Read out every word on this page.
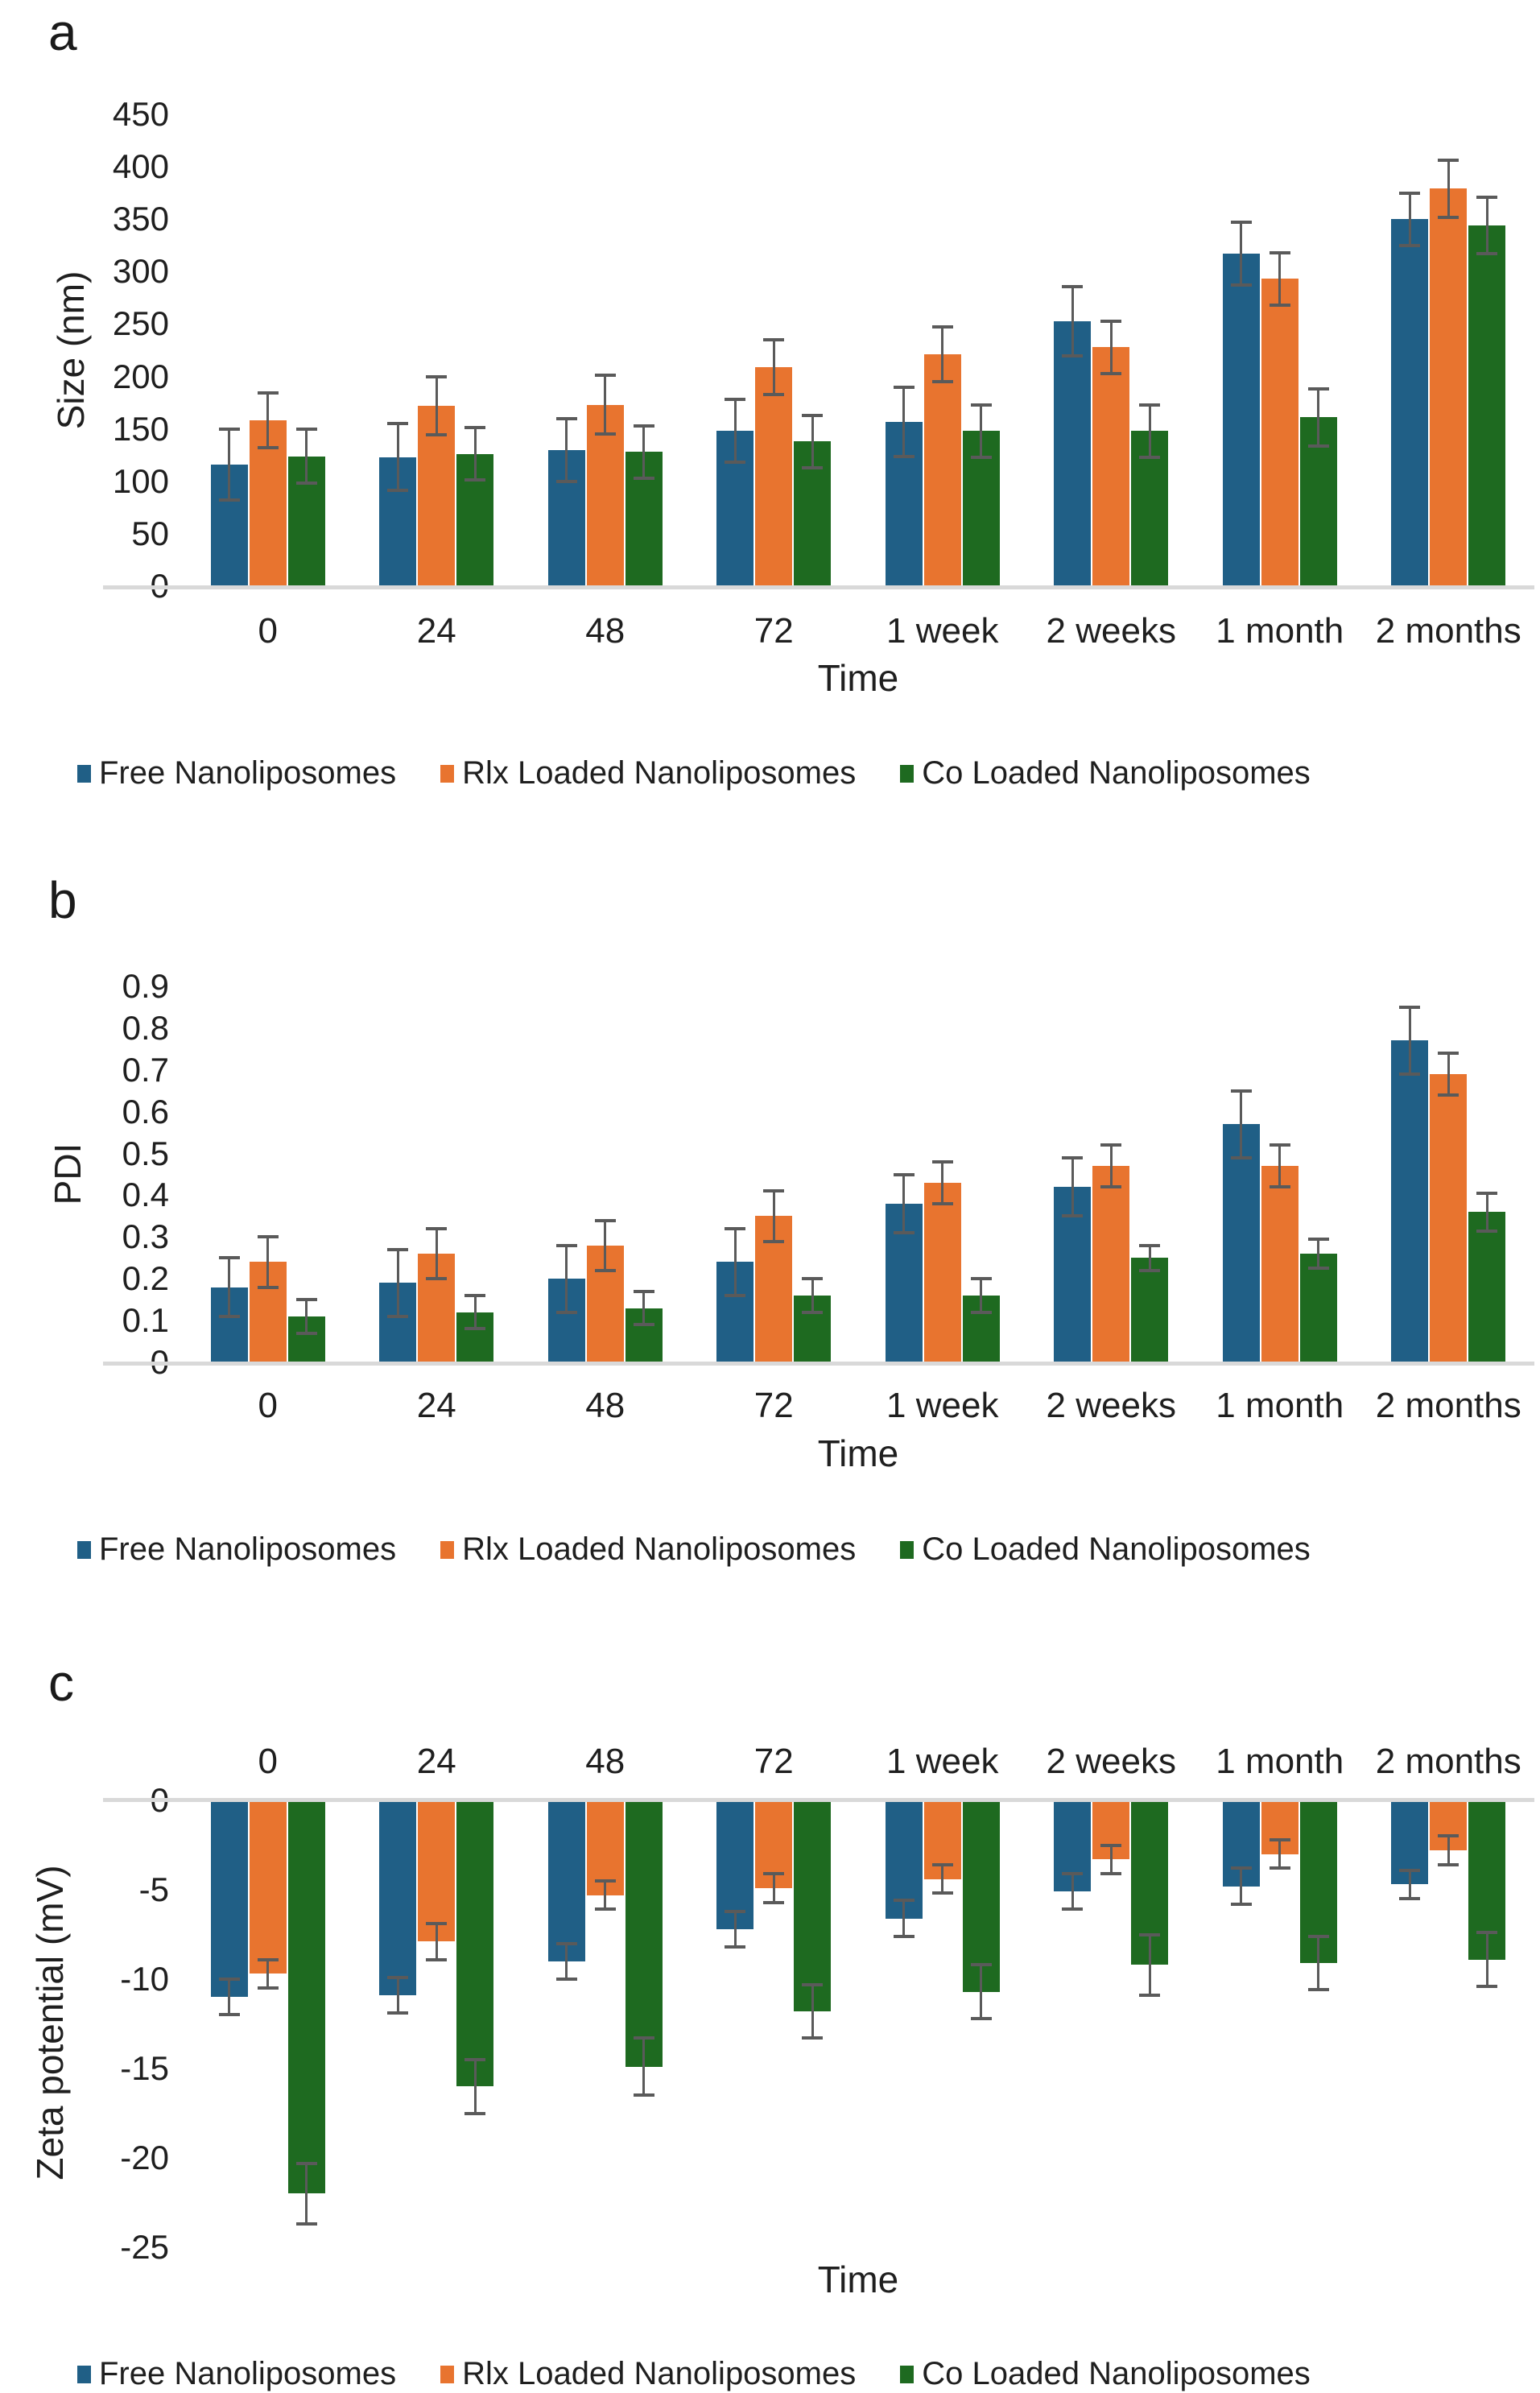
a
Size (nm)
Time
Free Nanoliposomes Rlx Loaded Nanoliposomes Co Loaded Nanoliposomes
b
PDI
Time
Free Nanoliposomes Rlx Loaded Nanoliposomes Co Loaded Nanoliposomes
c
Zeta potential (mV)
Time
Free Nanoliposomes Rlx Loaded Nanoliposomes Co Loaded Nanoliposomes
450
400
350
300
250
200
150
100
50
0	24	48	72	1 week	2 weeks	1 month 2 months
0.9
0.8
0.7
0.6
0.5
0.4
0.3
0.2
0.1
0	24	48	72	1 week	2 weeks	1 month 2 months
-5
-10
-15
-20
-25
0	24	48	72	1 week	2 weeks	1 month 2 months
